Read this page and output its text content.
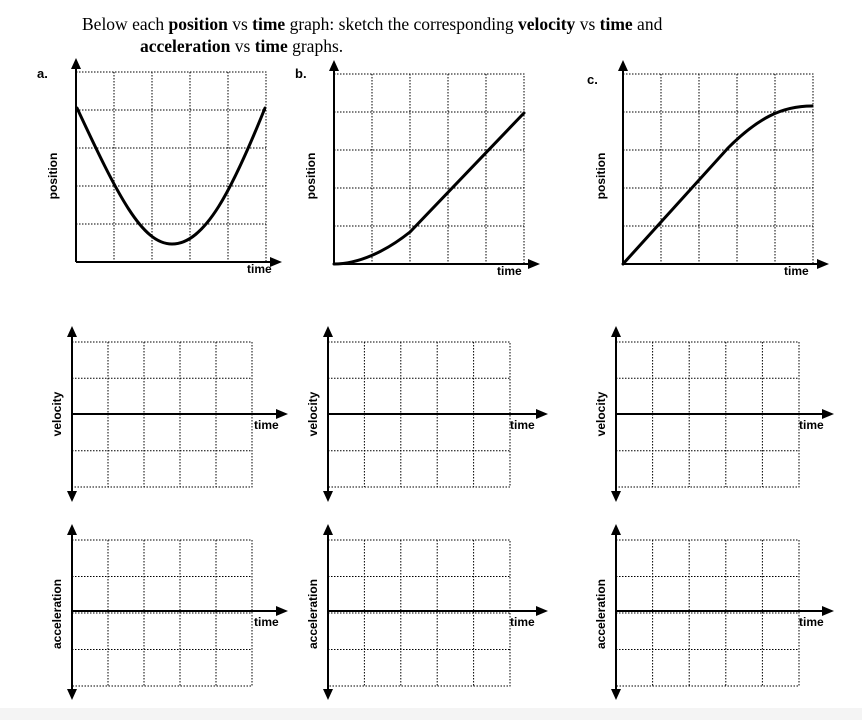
Below each position vs time graph: sketch the corresponding velocity vs time and
acceleration vs time graphs.
a.	b.	c.
position
time
position
time
position
time
velocity	time velocity	time	velocity	time
acceleration	time acceleration	time	acceleration	time
